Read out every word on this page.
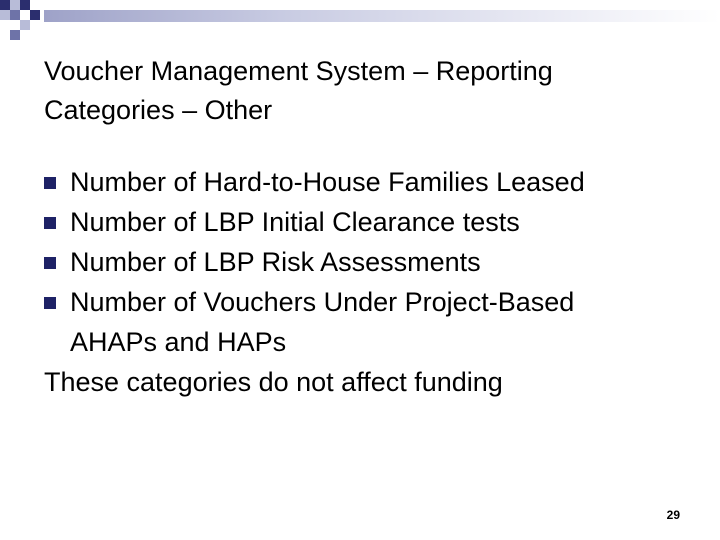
Voucher Management System – Reporting
Categories – Other
Number of Hard-to-House Families Leased
Number of LBP Initial Clearance tests
Number of LBP Risk Assessments
Number of Vouchers Under Project-Based
AHAPs and HAPs
These categories do not affect funding
29
